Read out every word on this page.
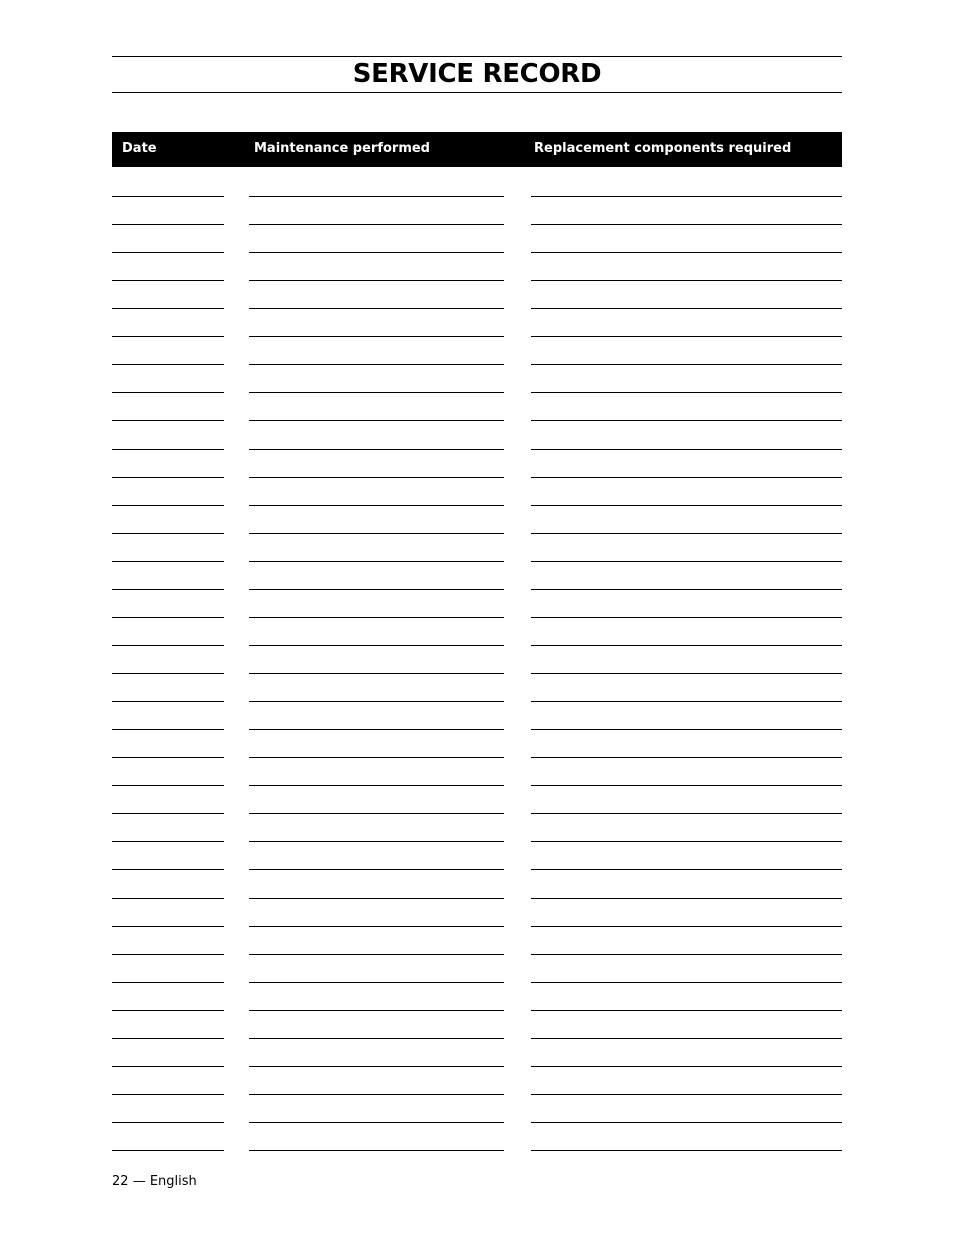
SERVICE RECORD
Date	Maintenance performed	Replacement components required
22 — English
